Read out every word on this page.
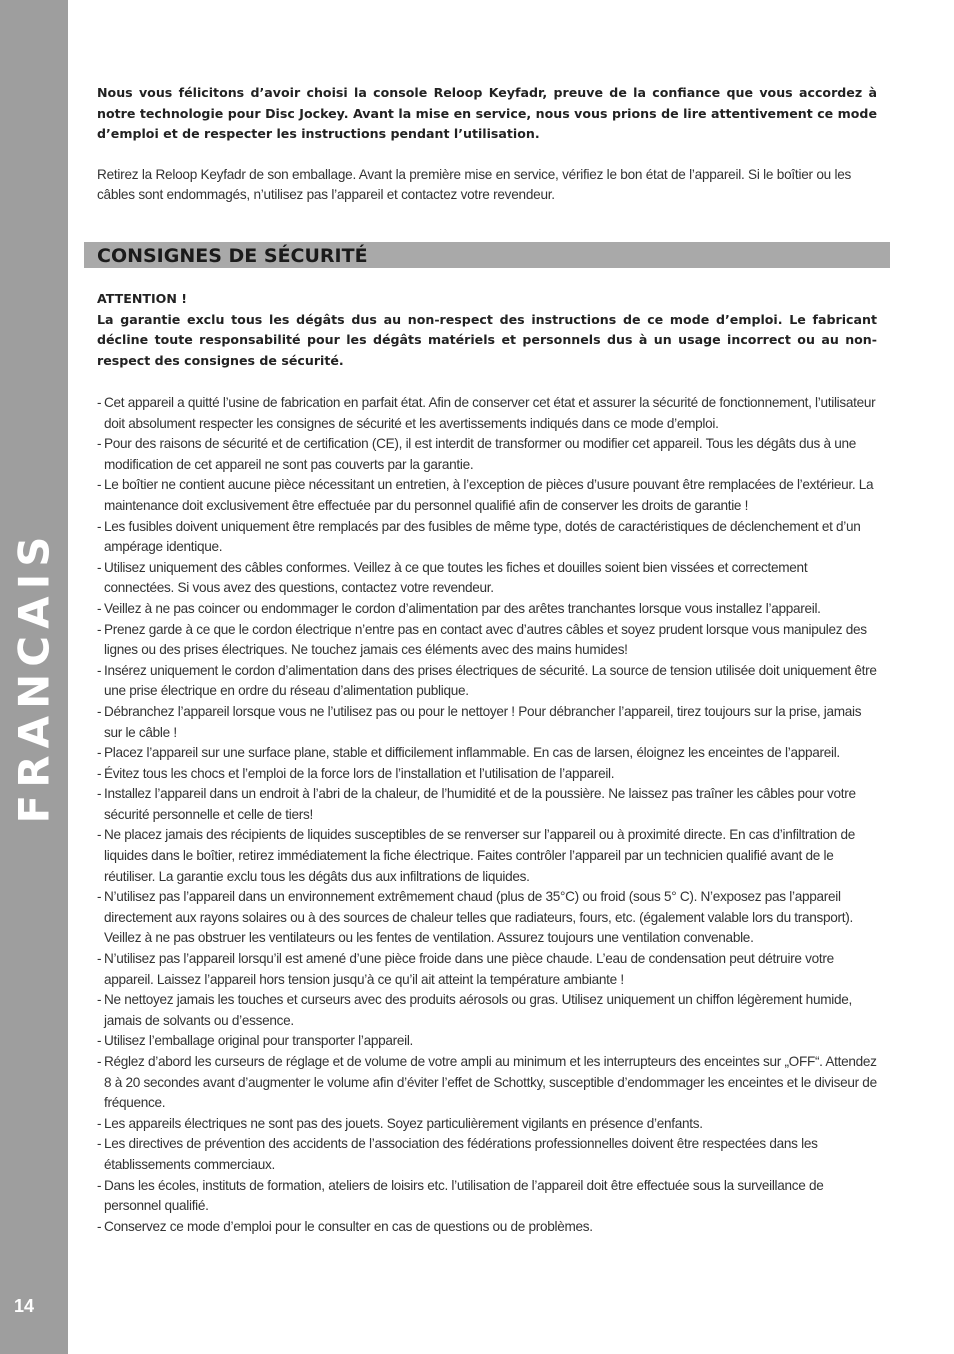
FRANCAIS
14

Nous vous félicitons d’avoir choisi la console Reloop Keyfadr, preuve de la confiance que vous accordez à notre technologie pour Disc Jockey. Avant la mise en service, nous vous prions de lire attentivement ce mode d’emploi et de respecter les instructions pendant l’utilisation.

Retirez la Reloop Keyfadr de son emballage. Avant la première mise en service, vérifiez le bon état de l’appareil. Si le boîtier ou les câbles sont endommagés, n’utilisez pas l’appareil et contactez votre revendeur.

CONSIGNES DE SÉCURITÉ

ATTENTION !

La garantie exclu tous les dégâts dus au non-respect des instructions de ce mode d’emploi. Le fabricant décline toute responsabilité pour les dégâts matériels et personnels dus à un usage incorrect ou au non-respect des consignes de sécurité.

- Cet appareil a quitté l’usine de fabrication en parfait état. Afin de conserver cet état et assurer la sécurité de fonctionnement, l’utilisateur doit absolument respecter les consignes de sécurité et les avertissements indiqués dans ce mode d’emploi.
- Pour des raisons de sécurité et de certification (CE), il est interdit de transformer ou modifier cet appareil. Tous les dégâts dus à une modification de cet appareil ne sont pas couverts par la garantie.
- Le boîtier ne contient aucune pièce nécessitant un entretien, à l’exception de pièces d’usure pouvant être remplacées de l’extérieur. La maintenance doit exclusivement être effectuée par du personnel qualifié afin de conserver les droits de garantie !
- Les fusibles doivent uniquement être remplacés par des fusibles de même type, dotés de caractéristiques de déclenchement et d’un ampérage identique.
- Utilisez uniquement des câbles conformes. Veillez à ce que toutes les fiches et douilles soient bien vissées et correctement connectées. Si vous avez des questions, contactez votre revendeur.
- Veillez à ne pas coincer ou endommager le cordon d’alimentation par des arêtes tranchantes lorsque vous installez l’appareil.
- Prenez garde à ce que le cordon électrique n’entre pas en contact avec d’autres câbles et soyez prudent lorsque vous manipulez des lignes ou des prises électriques. Ne touchez jamais ces éléments avec des mains humides!
- Insérez uniquement le cordon d’alimentation dans des prises électriques de sécurité. La source de tension utilisée doit uniquement être une prise électrique en ordre du réseau d’alimentation publique.
- Débranchez l’appareil lorsque vous ne l’utilisez pas ou pour le nettoyer ! Pour débrancher l’appareil, tirez toujours sur la prise, jamais sur le câble !
- Placez l’appareil sur une surface plane, stable et difficilement inflammable. En cas de larsen, éloignez les enceintes de l’appareil.
- Évitez tous les chocs et l’emploi de la force lors de l’installation et l’utilisation de l’appareil.
- Installez l’appareil dans un endroit à l’abri de la chaleur, de l’humidité et de la poussière. Ne laissez pas traîner les câbles pour votre sécurité personnelle et celle de tiers!
- Ne placez jamais des récipients de liquides susceptibles de se renverser sur l’appareil ou à proximité directe. En cas d’infiltration de liquides dans le boîtier, retirez immédiatement la fiche électrique. Faites contrôler l’appareil par un technicien qualifié avant de le réutiliser. La garantie exclu tous les dégâts dus aux infiltrations de liquides.
- N’utilisez pas l’appareil dans un environnement extrêmement chaud (plus de 35°C) ou froid (sous 5° C). N’exposez pas l’appareil directement aux rayons solaires ou à des sources de chaleur telles que radiateurs, fours, etc. (également valable lors du transport). Veillez à ne pas obstruer les ventilateurs ou les fentes de ventilation. Assurez toujours une ventilation convenable.
- N’utilisez pas l’appareil lorsqu’il est amené d’une pièce froide dans une pièce chaude. L’eau de condensation peut détruire votre appareil. Laissez l’appareil hors tension jusqu’à ce qu’il ait atteint la température ambiante !
- Ne nettoyez jamais les touches et curseurs avec des produits aérosols ou gras. Utilisez uniquement un chiffon légèrement humide, jamais de solvants ou d’essence.
- Utilisez l’emballage original pour transporter l’appareil.
- Réglez d’abord les curseurs de réglage et de volume de votre ampli au minimum et les interrupteurs des enceintes sur „OFF“. Attendez 8 à 20 secondes avant d’augmenter le volume afin d’éviter l’effet de Schottky, susceptible d’endommager les enceintes et le diviseur de fréquence.
- Les appareils électriques ne sont pas des jouets. Soyez particulièrement vigilants en présence d’enfants.
- Les directives de prévention des accidents de l’association des fédérations professionnelles doivent être respectées dans les établissements commerciaux.
- Dans les écoles, instituts de formation, ateliers de loisirs etc. l’utilisation de l’appareil doit être effectuée sous la surveillance de personnel qualifié.
- Conservez ce mode d’emploi pour le consulter en cas de questions ou de problèmes.
